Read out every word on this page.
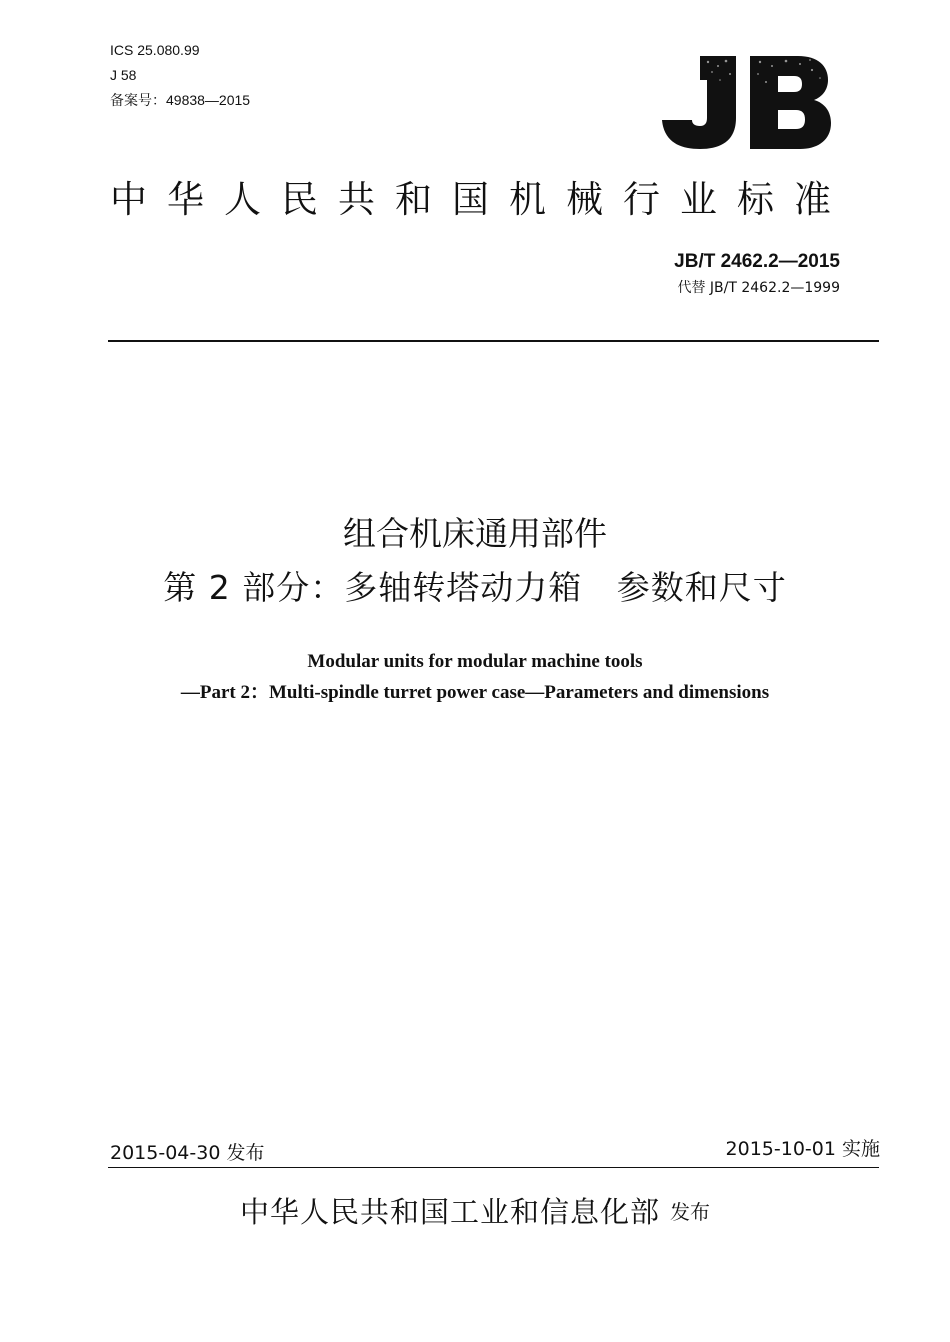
ICS 25.080.99
J 58
备案号：49838—2015
中华人民共和国机械行业标准
JB/T 2462.2—2015
代替 JB/T 2462.2—1999
组合机床通用部件
第 2 部分：多轴转塔动力箱   参数和尺寸
Modular units for modular machine tools
—Part 2：Multi-spindle turret power case—Parameters and dimensions
2015-04-30 发布	2015-10-01 实施
中华人民共和国工业和信息化部 发布
